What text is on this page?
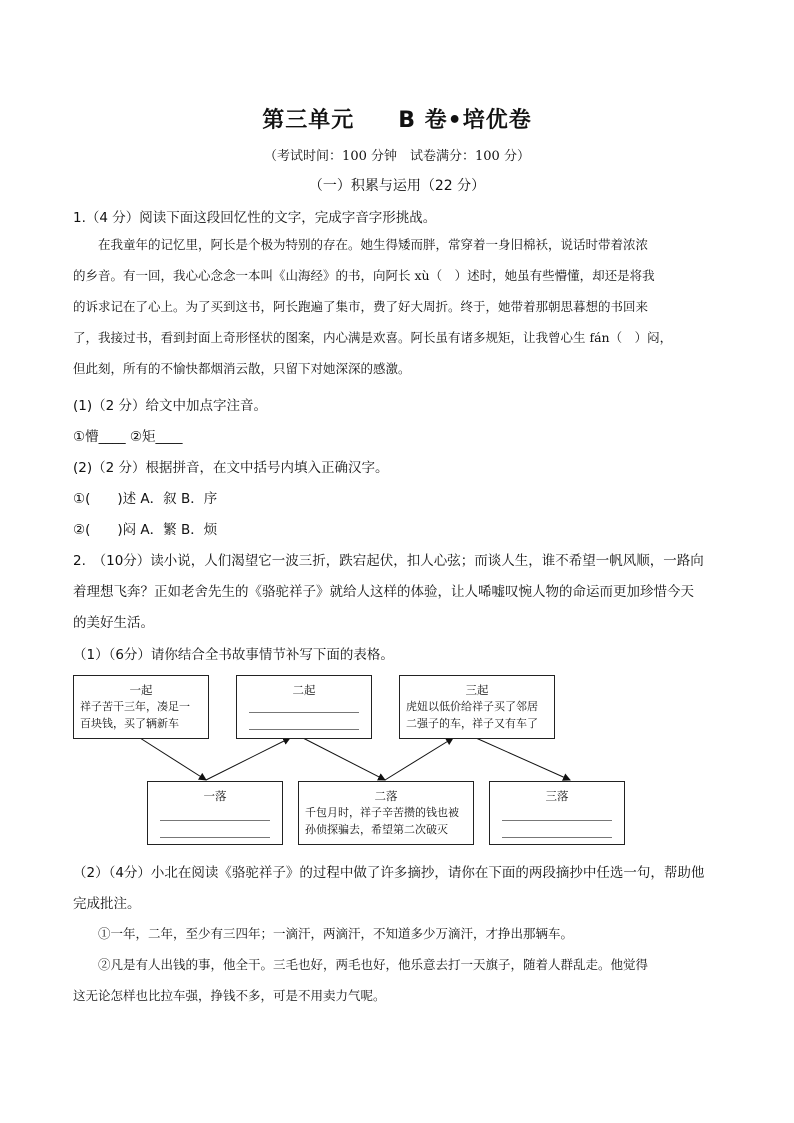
第三单元 B 卷•培优卷
（考试时间：100 分钟　试卷满分：100 分）
（一）积累与运用（22 分）
1.（4 分）阅读下面这段回忆性的文字，完成字音字形挑战。

　　在我童年的记忆里，阿长是个极为特别的存在。她生得矮而胖，常穿着一身旧棉袄，说话时带着浓浓

的乡音。有一回，我心心念念一本叫《山海经》的书，向阿长 xù（　）述时，她虽有些懵懂，却还是将我

的诉求记在了心上。为了买到这书，阿长跑遍了集市，费了好大周折。终于，她带着那朝思暮想的书回来

了，我接过书，看到封面上奇形怪状的图案，内心满是欢喜。阿长虽有诸多规矩，让我曾心生 fán（　）闷，

但此刻，所有的不愉快都烟消云散，只留下对她深深的感激。

(1)（2 分）给文中加点字注音。
①懵____ ②矩____
(2)（2 分）根据拼音，在文中括号内填入正确汉字。
①(　　)述 A．叙 B．序
②(　　)闷 A．繁 B．烦
2.　（10分）读小说，人们渴望它一波三折，跌宕起伏，扣人心弦；而谈人生，谁不希望一帆风顺，一路向
着理想飞奔？正如老舍先生的《骆驼祥子》就给人这样的体验，让人唏嘘叹惋人物的命运而更加珍惜今天
的美好生活。
（1）（6分）请你结合全书故事情节补写下面的表格。
一起
祥子苦干三年，凑足一
百块钱，买了辆新车
二起	三起
虎妞以低价给祥子买了邻居
二强子的车，祥子又有车了
一落	二落
千包月时，祥子辛苦攒的钱也被
孙侦探骗去，希望第二次破灭
三落
（2）（4分）小北在阅读《骆驼祥子》的过程中做了许多摘抄，请你在下面的两段摘抄中任选一句，帮助他
完成批注。

　　①一年，二年，至少有三四年；一滴汗，两滴汗，不知道多少万滴汗，才挣出那辆车。

　　②凡是有人出钱的事，他全干。三毛也好，两毛也好，他乐意去打一天旗子，随着人群乱走。他觉得

这无论怎样也比拉车强，挣钱不多，可是不用卖力气呢。
